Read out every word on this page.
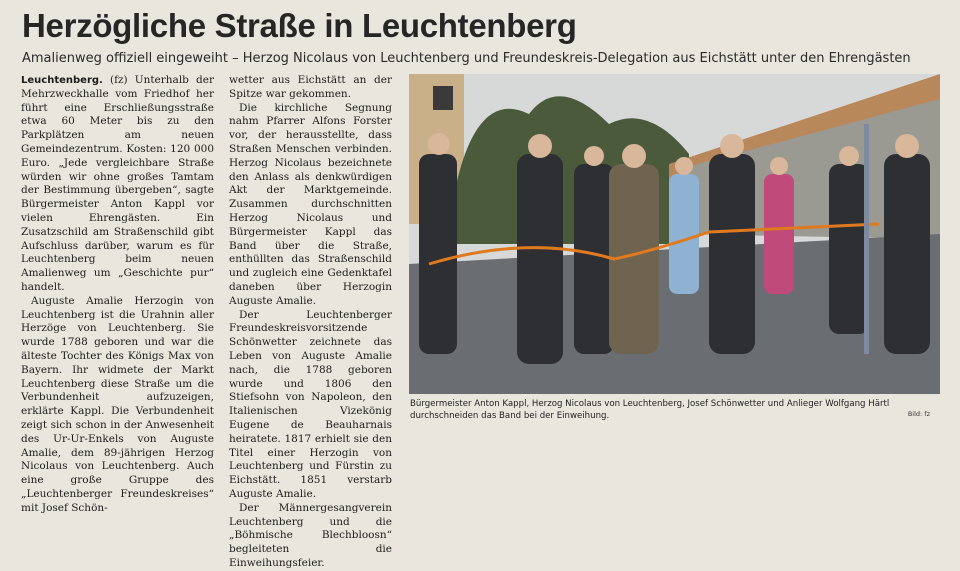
Herzögliche Straße in Leuchtenberg
Amalienweg offiziell eingeweiht – Herzog Nicolaus von Leuchtenberg und Freundeskreis-Delegation aus Eichstätt unter den Ehrengästen

Leuchtenberg. (fz) Unterhalb der Mehrzweckhalle vom Friedhof her führt eine Erschließungsstraße etwa 60 Meter bis zu den Parkplätzen am neuen Gemeindezentrum. Kosten: 120 000 Euro. „Jede vergleichbare Straße würden wir ohne großes Tamtam der Bestimmung übergeben“, sagte Bürgermeister Anton Kappl vor vielen Ehrengästen. Ein Zusatzschild am Straßenschild gibt Aufschluss darüber, warum es für Leuchtenberg beim neuen Amalienweg um „Geschichte pur“ handelt.

Auguste Amalie Herzogin von Leuchtenberg ist die Urahnin aller Herzöge von Leuchtenberg. Sie wurde 1788 geboren und war die älteste Tochter des Königs Max von Bayern. Ihr widmete der Markt Leuchtenberg diese Straße um die Verbundenheit aufzuzeigen, erklärte Kappl. Die Verbundenheit zeigt sich schon in der Anwesenheit des Ur-Ur-Enkels von Auguste Amalie, dem 89-jährigen Herzog Nicolaus von Leuchtenberg. Auch eine große Gruppe des „Leuchtenberger Freundeskreises“ mit Josef Schön-

wetter aus Eichstätt an der Spitze war gekommen.

Die kirchliche Segnung nahm Pfarrer Alfons Forster vor, der herausstellte, dass Straßen Menschen verbinden. Herzog Nicolaus bezeichnete den Anlass als denkwürdigen Akt der Marktgemeinde. Zusammen durchschnitten Herzog Nicolaus und Bürgermeister Kappl das Band über die Straße, enthüllten das Straßenschild und zugleich eine Gedenktafel daneben über Herzogin Auguste Amalie.

Der Leuchtenberger Freundeskreisvorsitzende Schönwetter zeichnete das Leben von Auguste Amalie nach, die 1788 geboren wurde und 1806 den Stiefsohn von Napoleon, den Italienischen Vizekönig Eugene de Beauharnais heiratete. 1817 erhielt sie den Titel einer Herzogin von Leuchtenberg und Fürstin zu Eichstätt. 1851 verstarb Auguste Amalie.

Der Männergesangverein Leuchtenberg und die „Böhmische Blechbloosn“ begleiteten die Einweihungsfeier.

Bürgermeister Anton Kappl, Herzog Nicolaus von Leuchtenberg, Josef Schönwetter und Anlieger Wolfgang Härtl durchschneiden das Band bei der Einweihung.	Bild: fz
